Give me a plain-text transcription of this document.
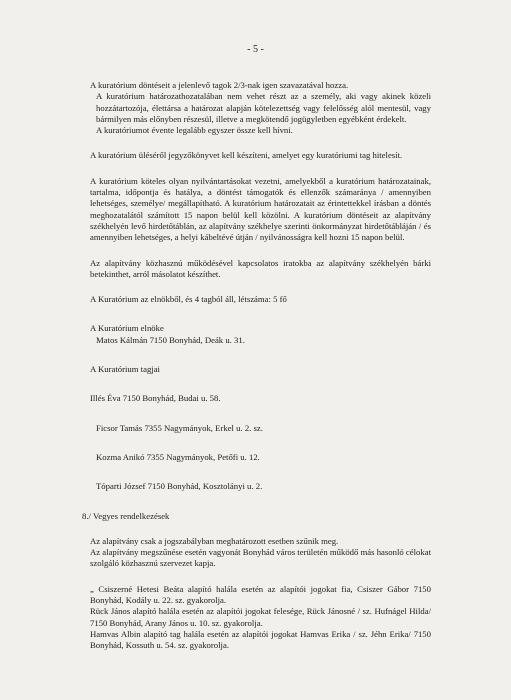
- 5 -

A kuratórium döntéseit a jelenlevő tagok 2/3-nak igen szavazatával hozza.

A kuratórium határozathozatalában nem vehet részt az a személy, aki vagy akinek közeli hozzátartozója, élettársa a határozat alapján kötelezettség vagy felelősség alól mentesül, vagy bármilyen más előnyben részesül, illetve a megkötendő jogügyletben egyébként érdekelt.

A kuratóriumot évente legalább egyszer össze kell hívni.

A kuratórium üléséről jegyzőkönyvet kell készíteni, amelyet egy kuratóriumi tag hitelesít.

A kuratórium köteles olyan nyilvántartásokat vezetni, amelyekből a kuratórium határozatainak, tartalma, időpontja és hatálya, a döntést támogatók és ellenzők számaránya / amennyiben lehetséges, személye/ megállapítható. A kuratórium határozatait az érintettekkel írásban a döntés meghozatalától számított 15 napon belül kell közölni. A kuratórium döntéseit az alapítvány székhelyén levő hirdetőtáblán, az alapítvány székhelye szerinti önkormányzat hirdetőtábláján / és amennyiben lehetséges, a helyi kábeltévé útján / nyilvánosságra kell hozni 15 napon belül.

Az alapítvány közhasznú működésével kapcsolatos iratokba az alapítvány székhelyén bárki betekinthet, arról másolatot készíthet.

A Kuratórium az elnökből, és 4 tagból áll, létszáma: 5 fő

A Kuratórium elnöke

Matos Kálmán 7150 Bonyhád, Deák u. 31.

A Kuratórium tagjai

Illés Éva 7150 Bonyhád, Budai u. 58.

Ficsor Tamás 7355 Nagymányok, Erkel u. 2. sz.

Kozma Anikó 7355 Nagymányok, Petőfi u. 12.

Tóparti József 7150 Bonyhád, Kosztolányi u. 2.

8./ Vegyes rendelkezések

Az alapítvány csak a jogszabályban meghatározott esetben szűnik meg.

Az alapítvány megszűnése esetén vagyonát Bonyhád város területén működő más hasonló célokat szolgáló közhasznú szervezet kapja.

„ Csiszerné Hetesi Beáta alapító halála esetén az alapítói jogokat fia, Csiszer Gábor 7150 Bonyhád, Kodály u. 22. sz. gyakorolja.

Rück János alapító halála esetén az alapítói jogokat felesége, Rück Jánosné / sz. Hufnágel Hilda/ 7150 Bonyhád, Arany János u. 10. sz. gyakorolja.

Hamvas Albin alapító tag halála esetén az alapítói jogokat Hamvas Erika / sz. Jéhn Erika/ 7150 Bonyhád, Kossuth u. 54. sz. gyakorolja.
